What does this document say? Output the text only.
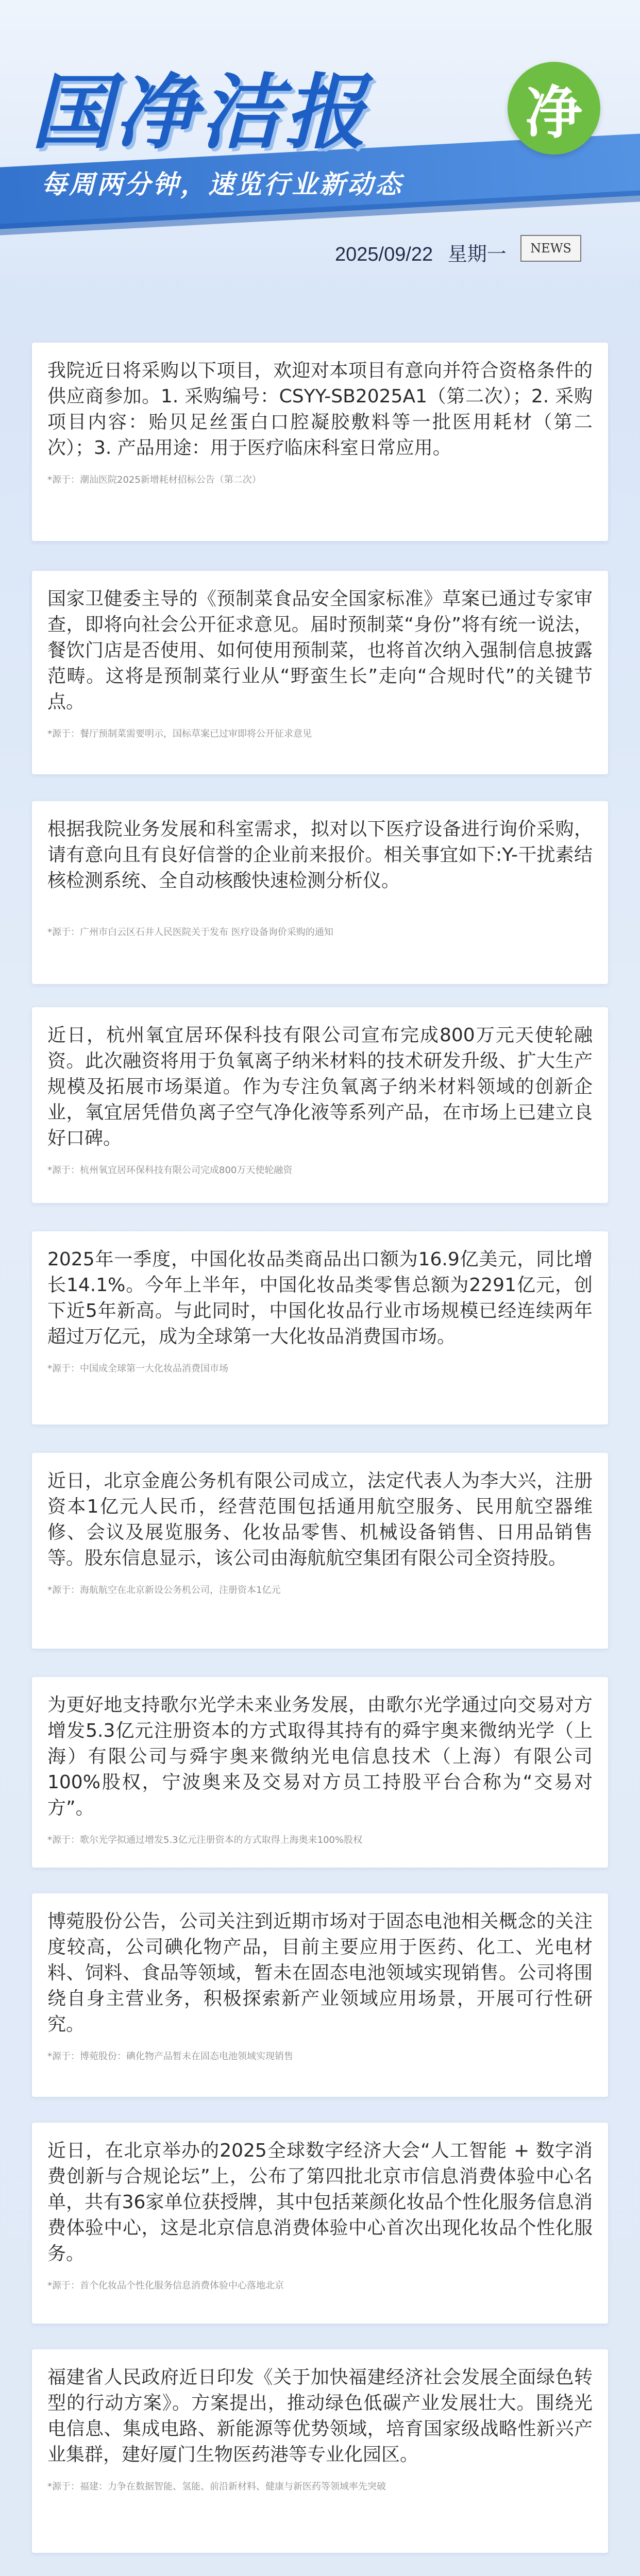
国净洁报
每周两分钟，速览行业新动态
净
2025/09/22 星期一	NEWS
我院近日将采购以下项目，欢迎对本项目有意向并符合资格条件的供应商参加。1. 采购编号：CSYY-SB2025A1（第二次）；2. 采购项目内容：贻贝足丝蛋白口腔凝胶敷料等一批医用耗材（第二次）；3. 产品用途：用于医疗临床科室日常应用。
*源于：潮汕医院2025新增耗材招标公告（第二次）
国家卫健委主导的《预制菜食品安全国家标准》草案已通过专家审查，即将向社会公开征求意见。届时预制菜“身份”将有统一说法，餐饮门店是否使用、如何使用预制菜，也将首次纳入强制信息披露范畴。这将是预制菜行业从“野蛮生长”走向“合规时代”的关键节点。
*源于：餐厅预制菜需要明示，国标草案已过审即将公开征求意见
根据我院业务发展和科室需求，拟对以下医疗设备进行询价采购，请有意向且有良好信誉的企业前来报价。相关事宜如下:Y-干扰素结核检测系统、全自动核酸快速检测分析仪。
*源于：广州市白云区石井人民医院关于发布 医疗设备询价采购的通知
近日，杭州氧宜居环保科技有限公司宣布完成800万元天使轮融资。此次融资将用于负氧离子纳米材料的技术研发升级、扩大生产规模及拓展市场渠道。作为专注负氧离子纳米材料领域的创新企业，氧宜居凭借负离子空气净化液等系列产品，在市场上已建立良好口碑。
*源于：杭州氧宜居环保科技有限公司完成800万天使轮融资
2025年一季度，中国化妆品类商品出口额为16.9亿美元，同比增长14.1%。今年上半年，中国化妆品类零售总额为2291亿元，创下近5年新高。与此同时，中国化妆品行业市场规模已经连续两年超过万亿元，成为全球第一大化妆品消费国市场。
*源于：中国成全球第一大化妆品消费国市场
近日，北京金鹿公务机有限公司成立，法定代表人为李大兴，注册资本1亿元人民币，经营范围包括通用航空服务、民用航空器维修、会议及展览服务、化妆品零售、机械设备销售、日用品销售等。股东信息显示，该公司由海航航空集团有限公司全资持股。
*源于：海航航空在北京新设公务机公司，注册资本1亿元
为更好地支持歌尔光学未来业务发展，由歌尔光学通过向交易对方增发5.3亿元注册资本的方式取得其持有的舜宇奥来微纳光学（上海）有限公司与舜宇奥来微纳光电信息技术（上海）有限公司100%股权，宁波奥来及交易对方员工持股平台合称为“交易对方”。
*源于：歌尔光学拟通过增发5.3亿元注册资本的方式取得上海奥来100%股权
博菀股份公告，公司关注到近期市场对于固态电池相关概念的关注度较高，公司碘化物产品，目前主要应用于医药、化工、光电材料、饲料、食品等领域，暂未在固态电池领域实现销售。公司将围绕自身主营业务，积极探索新产业领域应用场景，开展可行性研究。
*源于：博菀股份：碘化物产品暂未在固态电池领域实现销售
近日，在北京举办的2025全球数字经济大会“人工智能 + 数字消费创新与合规论坛”上，公布了第四批北京市信息消费体验中心名单，共有36家单位获授牌，其中包括莱颜化妆品个性化服务信息消费体验中心，这是北京信息消费体验中心首次出现化妆品个性化服务。
*源于：首个化妆品个性化服务信息消费体验中心落地北京
福建省人民政府近日印发《关于加快福建经济社会发展全面绿色转型的行动方案》。方案提出，推动绿色低碳产业发展壮大。围绕光电信息、集成电路、新能源等优势领域，培育国家级战略性新兴产业集群，建好厦门生物医药港等专业化园区。
*源于：福建：力争在数据智能、氢能、前沿新材料、健康与新医药等领域率先突破
